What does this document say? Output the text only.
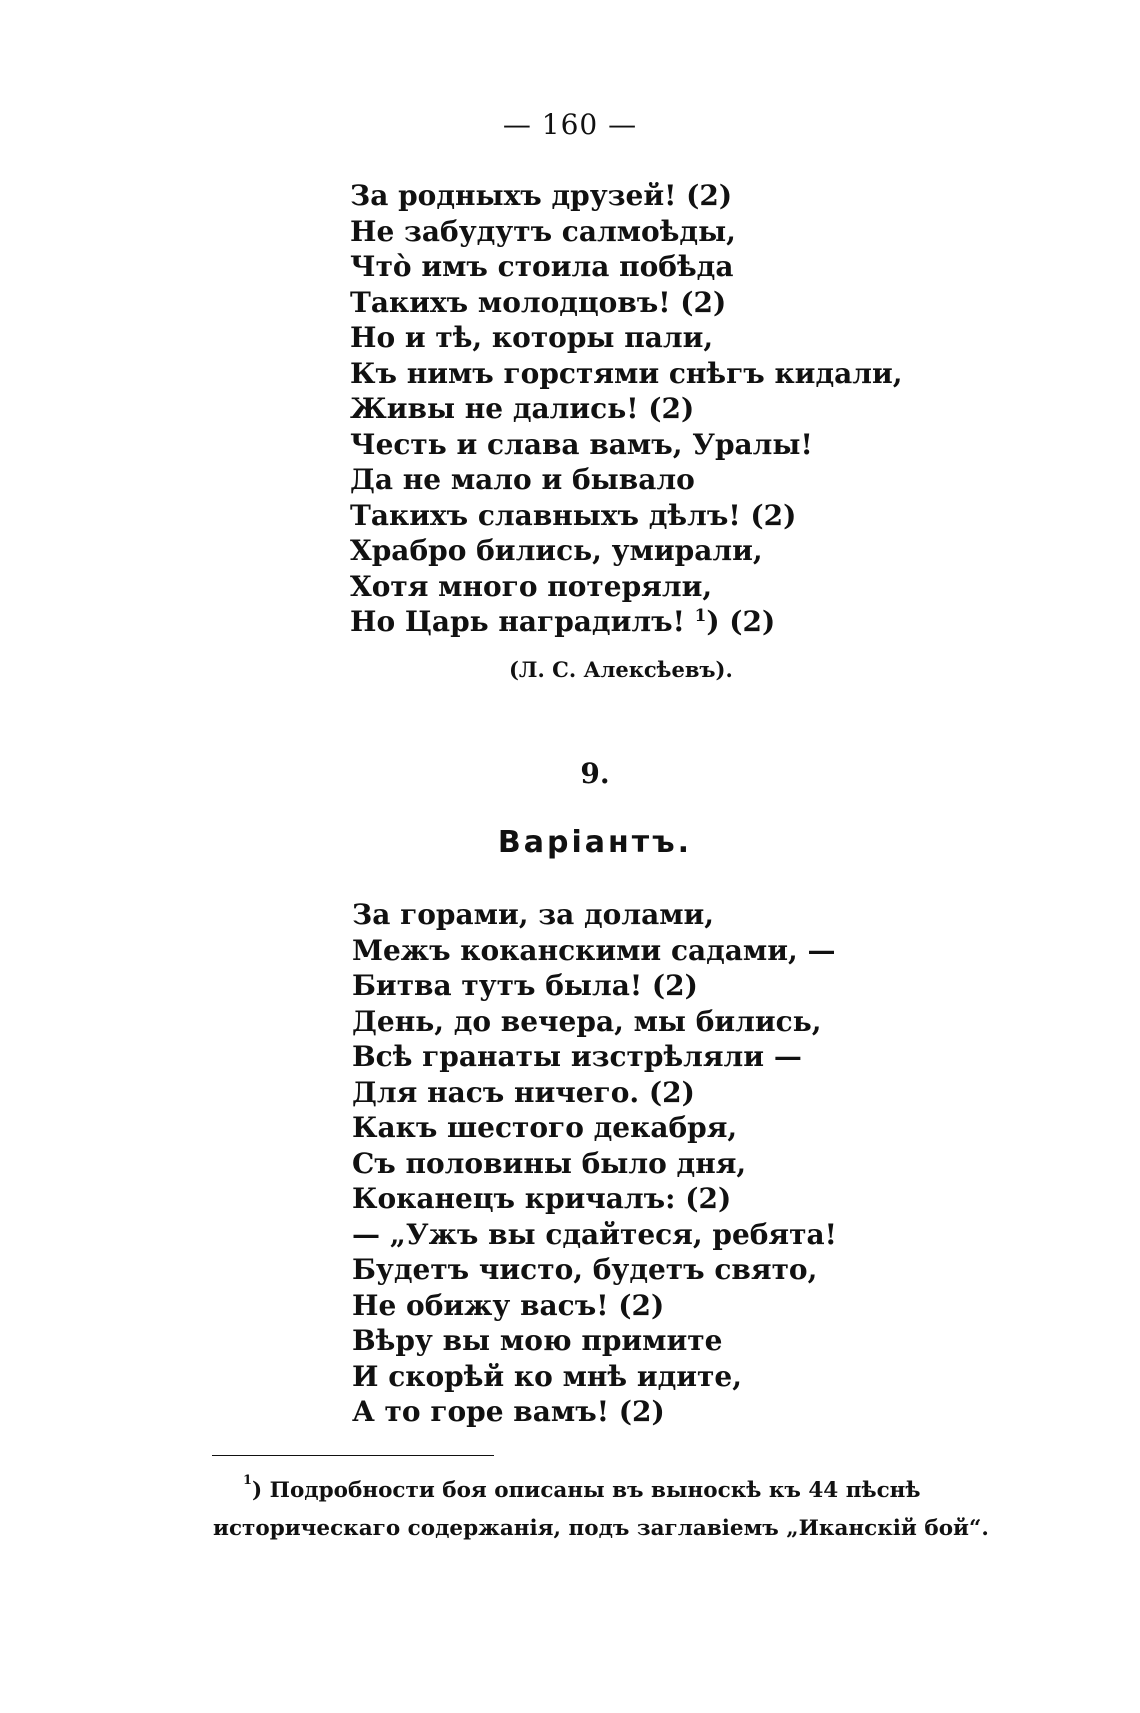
— 160 —
За родныхъ друзей! (2)
Не забудутъ салмоѣды,
Что̀ имъ стоила побѣда
Такихъ молодцовъ! (2)
Но и тѣ, которы пали,
Къ нимъ горстями снѣгъ кидали,
Живы не дались! (2)
Честь и слава вамъ, Уралы!
Да не мало и бывало
Такихъ славныхъ дѣлъ! (2)
Храбро бились, умирали,
Хотя много потеряли,
Но Царь наградилъ! $^1$) (2)
(Л. С. Алексѣевъ).
9.
Варіантъ.
За горами, за долами,
Межъ коканскими садами, —
Битва тутъ была! (2)
День, до вечера, мы бились,
Всѣ гранаты изстрѣляли —
Для насъ ничего. (2)
Какъ шестого декабря,
Съ половины было дня,
Коканецъ кричалъ: (2)
— „Ужъ вы сдайтеся, ребята!
Будетъ чисто, будетъ свято,
Не обижу васъ! (2)
Вѣру вы мою примите
И скорѣй ко мнѣ идите,
А то горе вамъ! (2)

$^1$) Подробности боя описаны въ выноскѣ къ 44 пѣснѣ историческаго содержанія, подъ заглавіемъ „Иканскій бой“.
